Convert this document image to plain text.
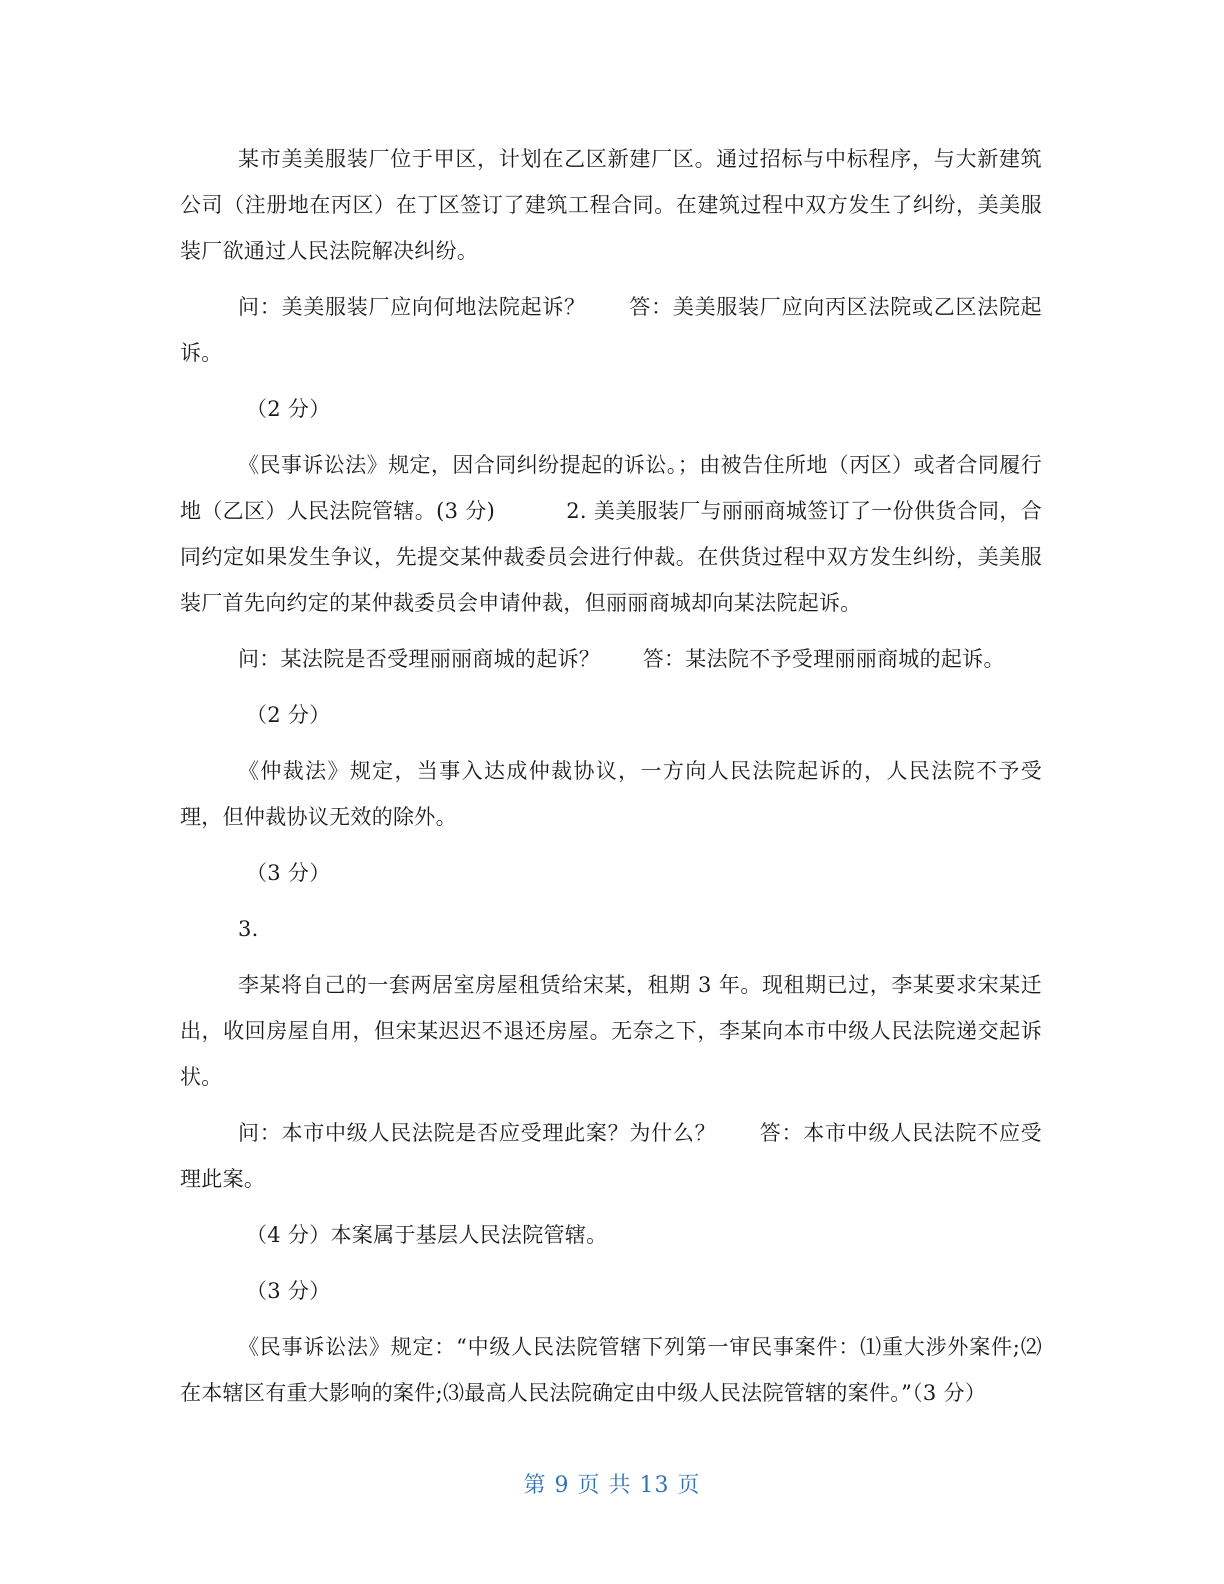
某市美美服装厂位于甲区，计划在乙区新建厂区。通过招标与中标程序，与大新建筑公司（注册地在丙区）在丁区签订了建筑工程合同。在建筑过程中双方发生了纠纷，美美服装厂欲通过人民法院解决纠纷。

问：美美服装厂应向何地法院起诉？　　答：美美服装厂应向丙区法院或乙区法院起诉。

（2 分）

《民事诉讼法》规定，因合同纠纷提起的诉讼。；由被告住所地（丙区）或者合同履行地（乙区）人民法院管辖。(3 分)　　　 2. 美美服装厂与丽丽商城签订了一份供货合同，合同约定如果发生争议，先提交某仲裁委员会进行仲裁。在供货过程中双方发生纠纷，美美服装厂首先向约定的某仲裁委员会申请仲裁，但丽丽商城却向某法院起诉。

问：某法院是否受理丽丽商城的起诉？　　答：某法院不予受理丽丽商城的起诉。

（2 分）

《仲裁法》规定，当事入达成仲裁协议，一方向人民法院起诉的，人民法院不予受理，但仲裁协议无效的除外。

（3 分）

3.

李某将自己的一套两居室房屋租赁给宋某，租期 3 年。现租期已过，李某要求宋某迁出，收回房屋自用，但宋某迟迟不退还房屋。无奈之下，李某向本市中级人民法院递交起诉状。

问：本市中级人民法院是否应受理此案？为什么？　　答：本市中级人民法院不应受理此案。

（4 分）本案属于基层人民法院管辖。

（3 分）

《民事诉讼法》规定：“中级人民法院管辖下列第一审民事案件：⑴重大涉外案件;⑵在本辖区有重大影响的案件;⑶最高人民法院确定由中级人民法院管辖的案件。”（3 分）

第 9 页 共 13 页
